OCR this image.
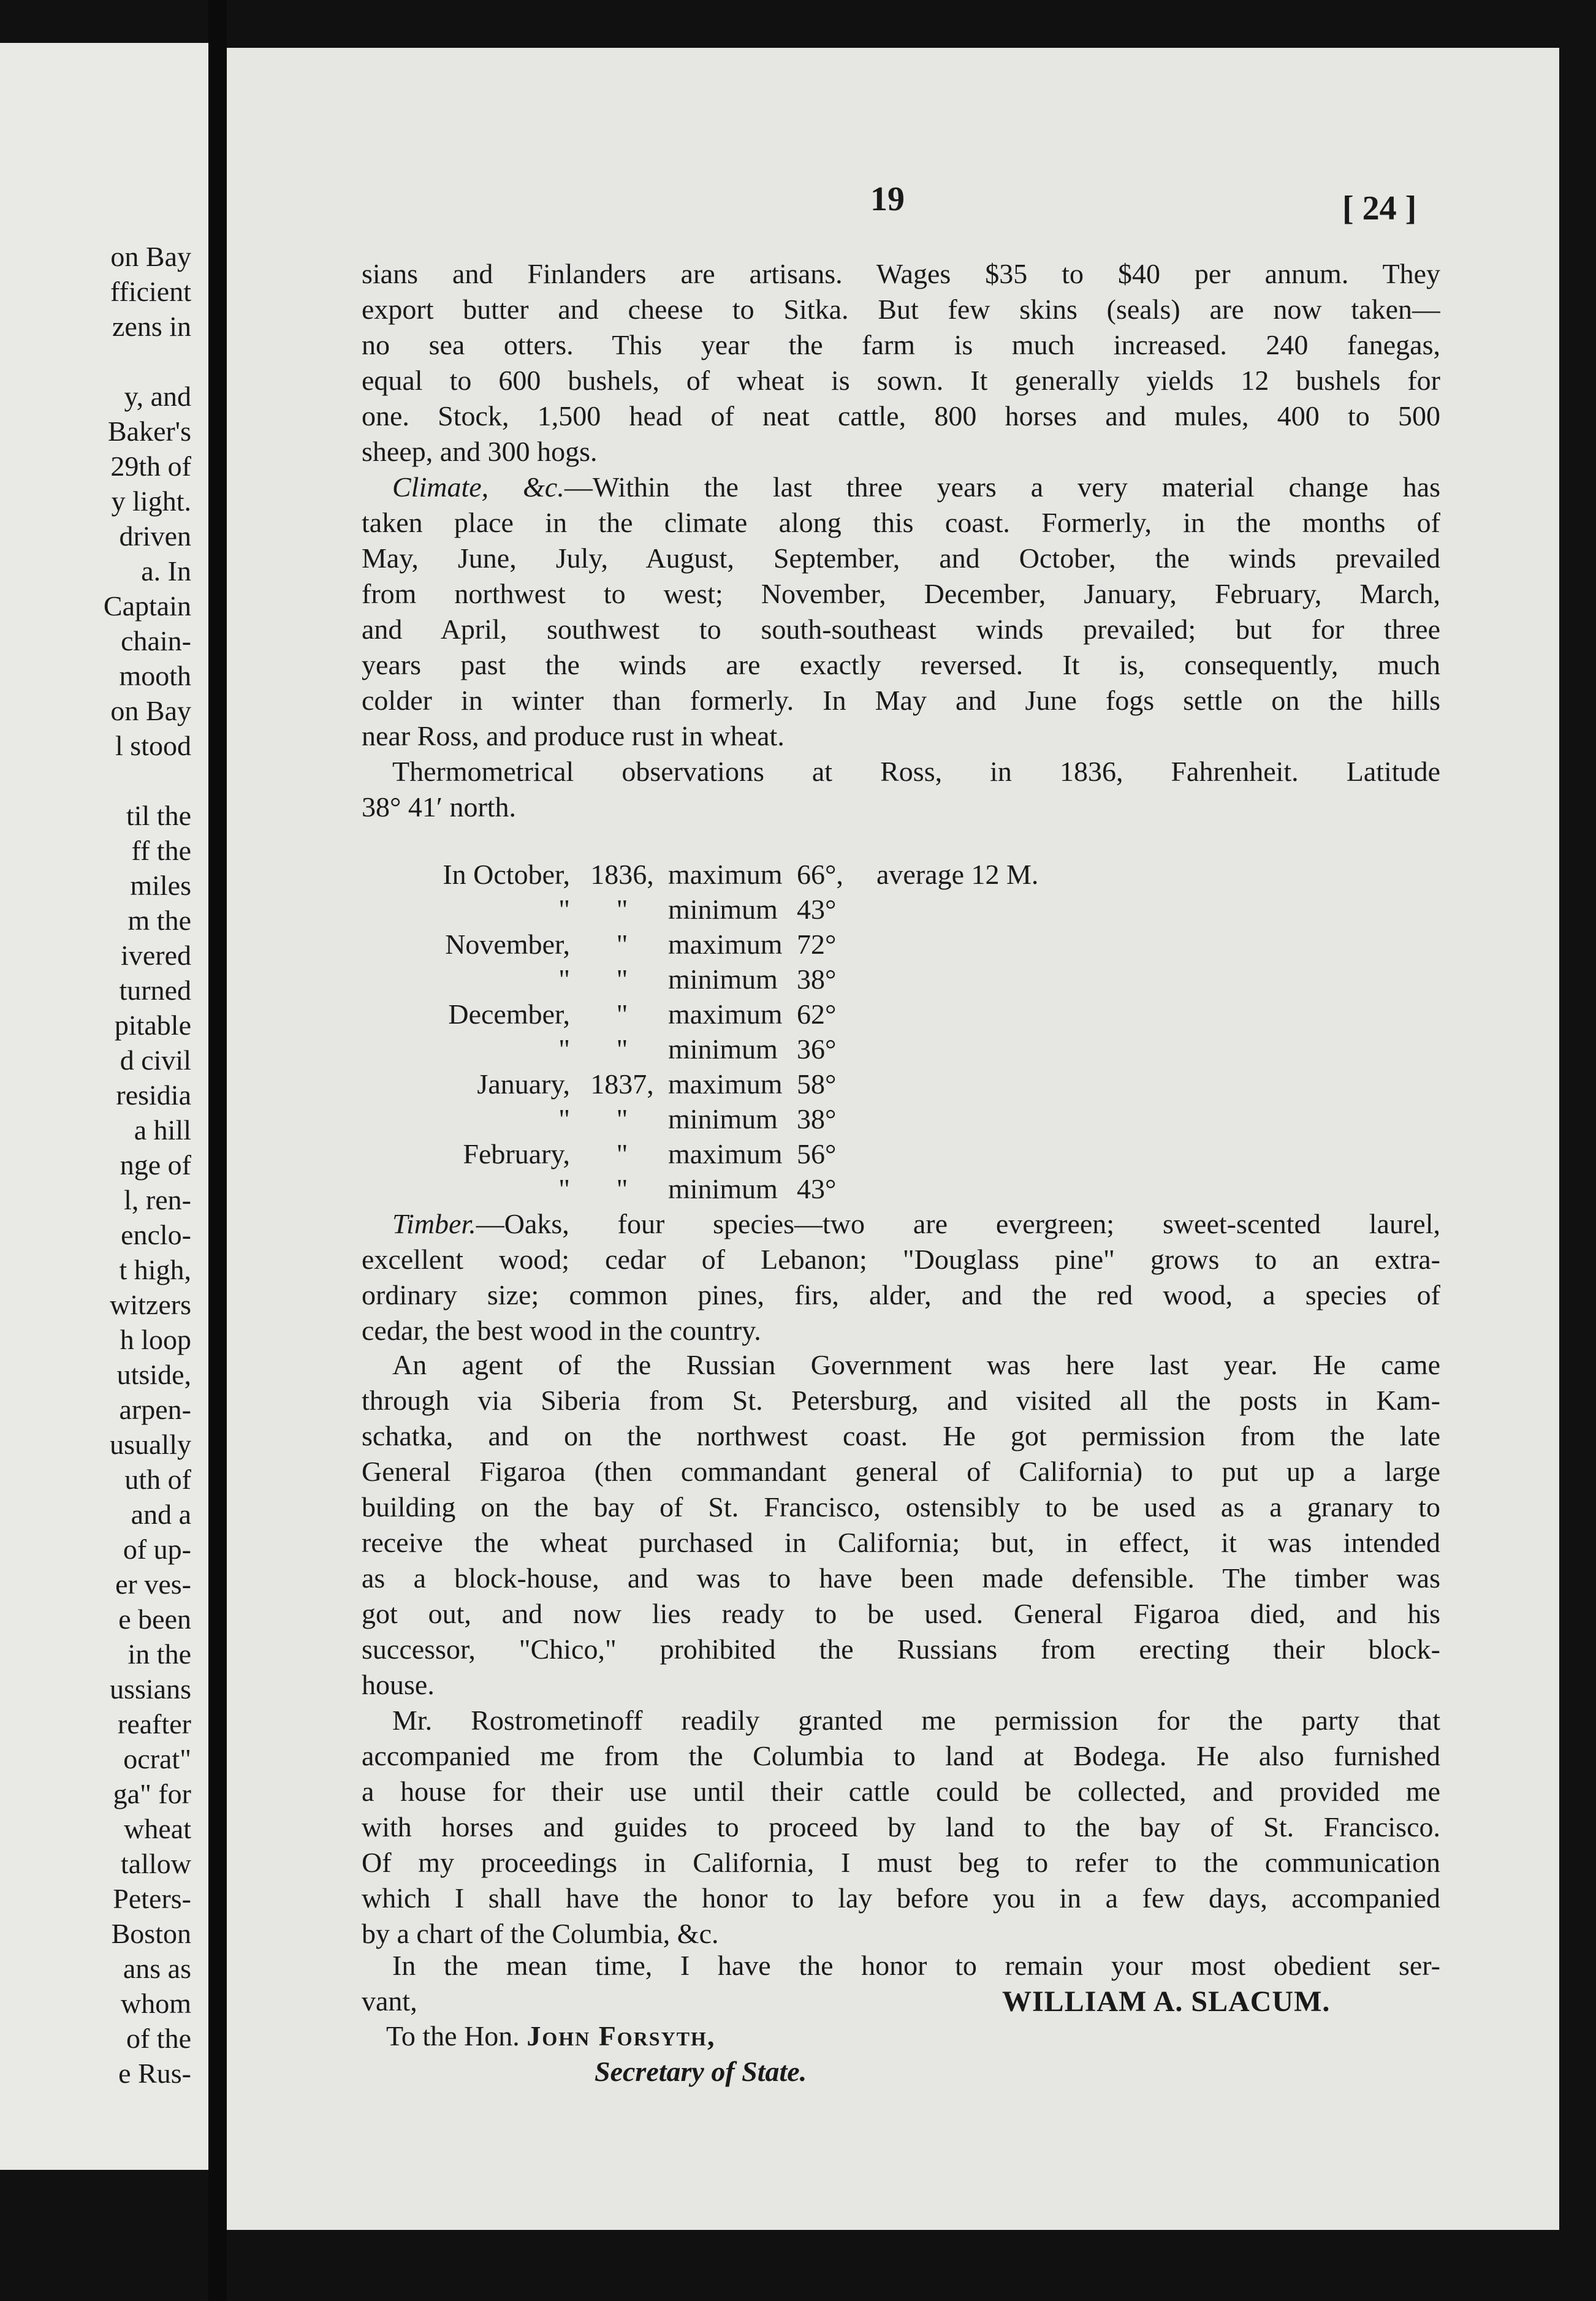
on Bay
fficient
zens in
y, and
Baker's
29th of
y light.
driven
a. In
Captain
chain-
mooth
on Bay
l stood
til the
ff the
miles
m the
ivered
turned
pitable
d civil
residia
a hill
nge of
l, ren-
enclo-
t high,
witzers
h loop
utside,
arpen-
usually
uth of
and a
of up-
er ves-
e been
in the
ussians
reafter
ocrat"
ga" for
wheat
tallow
Peters-
Boston
ans as
whom
of the
e Rus-
19	[ 24 ]
sians and Finlanders are artisans. Wages $35 to $40 per annum. They
export butter and cheese to Sitka. But few skins (seals) are now taken—
no sea otters. This year the farm is much increased. 240 fanegas,
equal to 600 bushels, of wheat is sown. It generally yields 12 bushels for
one. Stock, 1,500 head of neat cattle, 800 horses and mules, 400 to 500
sheep, and 300 hogs.
Climate, &c.—Within the last three years a very material change has
taken place in the climate along this coast. Formerly, in the months of
May, June, July, August, September, and October, the winds prevailed
from northwest to west; November, December, January, February, March,
and April, southwest to south-southeast winds prevailed; but for three
years past the winds are exactly reversed. It is, consequently, much
colder in winter than formerly. In May and June fogs settle on the hills
near Ross, and produce rust in wheat.
Thermometrical observations at Ross, in 1836, Fahrenheit. Latitude
38° 41′ north.
In October,	1836,	maximum	66°,	average 12 M.
"	"	minimum	43°	
November,	"	maximum	72°	
"	"	minimum	38°	
December,	"	maximum	62°	
"	"	minimum	36°	
January,	1837,	maximum	58°	
"	"	minimum	38°	
February,	"	maximum	56°	
"	"	minimum	43°	
Timber.—Oaks, four species—two are evergreen; sweet-scented laurel,
excellent wood; cedar of Lebanon; "Douglass pine" grows to an extra-
ordinary size; common pines, firs, alder, and the red wood, a species of
cedar, the best wood in the country.
An agent of the Russian Government was here last year. He came
through via Siberia from St. Petersburg, and visited all the posts in Kam-
schatka, and on the northwest coast. He got permission from the late
General Figaroa (then commandant general of California) to put up a large
building on the bay of St. Francisco, ostensibly to be used as a granary to
receive the wheat purchased in California; but, in effect, it was intended
as a block-house, and was to have been made defensible. The timber was
got out, and now lies ready to be used. General Figaroa died, and his
successor, "Chico," prohibited the Russians from erecting their block-
house.
Mr. Rostrometinoff readily granted me permission for the party that
accompanied me from the Columbia to land at Bodega. He also furnished
a house for their use until their cattle could be collected, and provided me
with horses and guides to proceed by land to the bay of St. Francisco.
Of my proceedings in California, I must beg to refer to the communication
which I shall have the honor to lay before you in a few days, accompanied
by a chart of the Columbia, &c.
In the mean time, I have the honor to remain your most obedient ser-
vant,	WILLIAM A. SLACUM.
To the Hon. John Forsyth,
Secretary of State.
